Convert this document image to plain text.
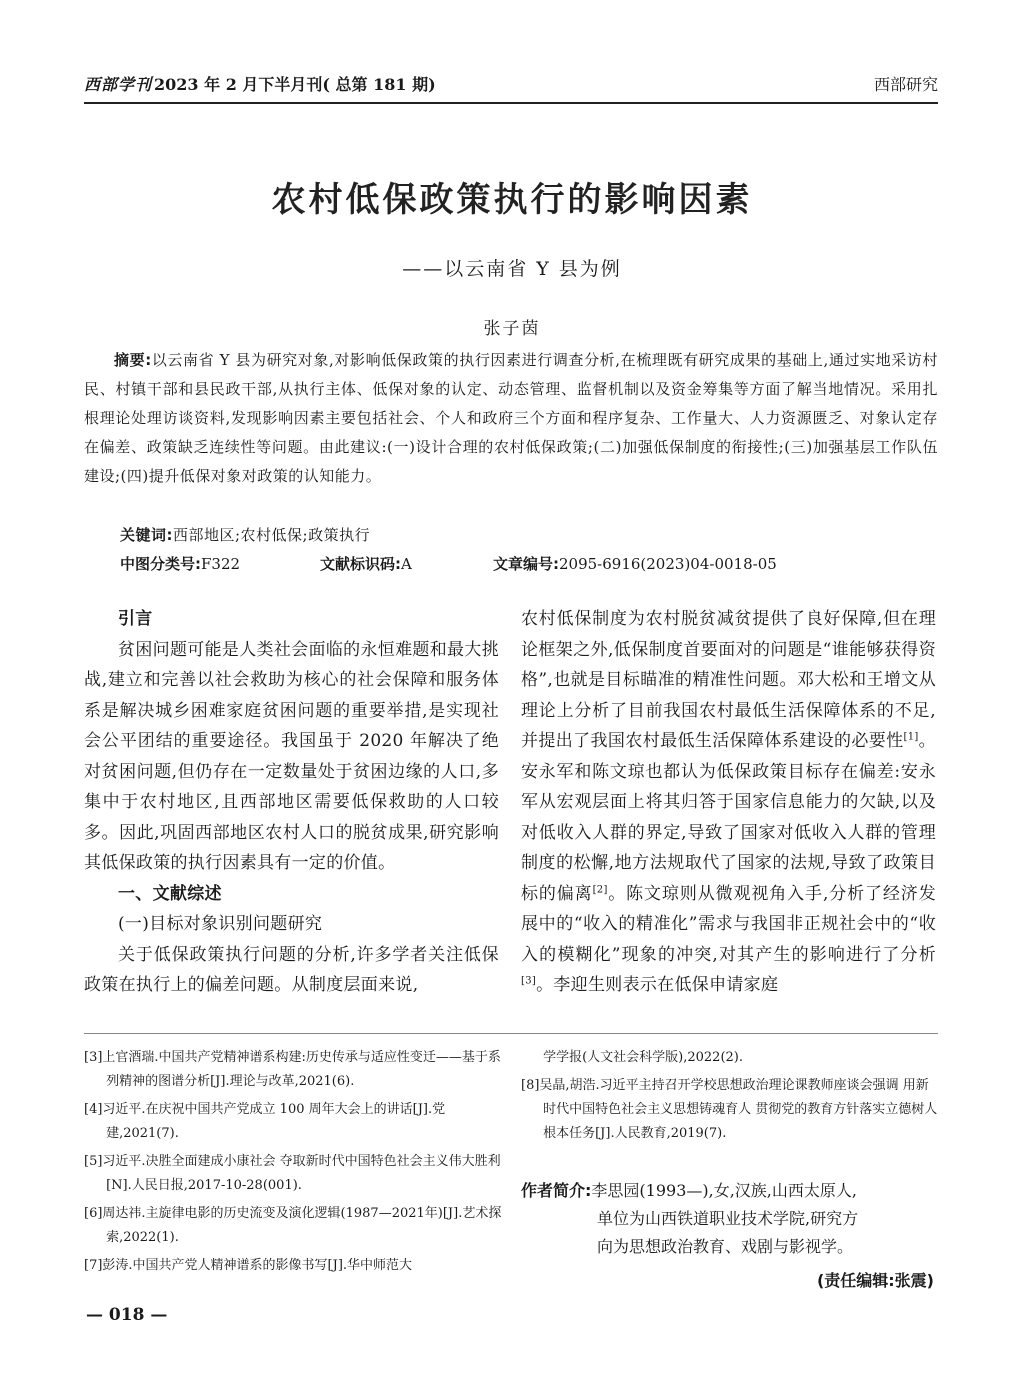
西部学刊 2023 年 2 月下半月刊( 总第 181 期)	西部研究
农村低保政策执行的影响因素
——以云南省 Y 县为例
张子茵
摘要:以云南省 Y 县为研究对象,对影响低保政策的执行因素进行调查分析,在梳理既有研究成果的基础上,通过实地采访村民、村镇干部和县民政干部,从执行主体、低保对象的认定、动态管理、监督机制以及资金筹集等方面了解当地情况。采用扎根理论处理访谈资料,发现影响因素主要包括社会、个人和政府三个方面和程序复杂、工作量大、人力资源匮乏、对象认定存在偏差、政策缺乏连续性等问题。由此建议:(一)设计合理的农村低保政策;(二)加强低保制度的衔接性;(三)加强基层工作队伍建设;(四)提升低保对象对政策的认知能力。
关键词:西部地区;农村低保;政策执行
中图分类号:F322	文献标识码:A	文章编号:2095-6916(2023)04-0018-05

引言

贫困问题可能是人类社会面临的永恒难题和最大挑战,建立和完善以社会救助为核心的社会保障和服务体系是解决城乡困难家庭贫困问题的重要举措,是实现社会公平团结的重要途径。我国虽于 2020 年解决了绝对贫困问题,但仍存在一定数量处于贫困边缘的人口,多集中于农村地区,且西部地区需要低保救助的人口较多。因此,巩固西部地区农村人口的脱贫成果,研究影响其低保政策的执行因素具有一定的价值。

一、文献综述

(一)目标对象识别问题研究

关于低保政策执行问题的分析,许多学者关注低保政策在执行上的偏差问题。从制度层面来说,

农村低保制度为农村脱贫减贫提供了良好保障,但在理论框架之外,低保制度首要面对的问题是“谁能够获得资格”,也就是目标瞄准的精准性问题。邓大松和王增文从理论上分析了目前我国农村最低生活保障体系的不足,并提出了我国农村最低生活保障体系建设的必要性[1]。安永军和陈文琼也都认为低保政策目标存在偏差:安永军从宏观层面上将其归答于国家信息能力的欠缺,以及对低收入人群的界定,导致了国家对低收入人群的管理制度的松懈,地方法规取代了国家的法规,导致了政策目标的偏离[2]。陈文琼则从微观视角入手,分析了经济发展中的“收入的精准化”需求与我国非正规社会中的“收入的模糊化”现象的冲突,对其产生的影响进行了分析[3]。李迎生则表示在低保申请家庭

[3]上官酒瑞.中国共产党精神谱系构建:历史传承与适应性变迁——基于系列精神的图谱分析[J].理论与改革,2021(6).

[4]习近平.在庆祝中国共产党成立 100 周年大会上的讲话[J].党建,2021(7).

[5]习近平.决胜全面建成小康社会 夺取新时代中国特色社会主义伟大胜利[N].人民日报,2017-10-28(001).

[6]周达祎.主旋律电影的历史流变及演化逻辑(1987—2021年)[J].艺术探索,2022(1).

[7]彭涛.中国共产党人精神谱系的影像书写[J].华中师范大

学学报(人文社会科学版),2022(2).

[8]吴晶,胡浩.习近平主持召开学校思想政治理论课教师座谈会强调 用新时代中国特色社会主义思想铸魂育人 贯彻党的教育方针落实立德树人根本任务[J].人民教育,2019(7).

作者简介:李思园(1993—),女,汉族,山西太原人,
单位为山西铁道职业技术学院,研究方
向为思想政治教育、戏剧与影视学。
(责任编辑:张震)
— 018 —
